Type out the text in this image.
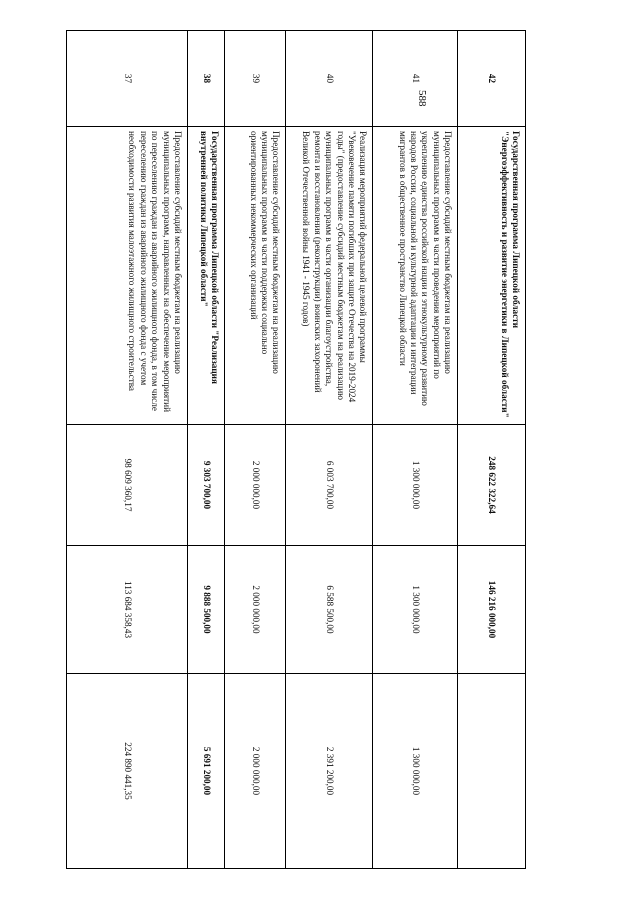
588
42	Государственная программа Липецкой области "Энергоэффективность и развитие энергетики в Липецкой области"	248 622 322,64	146 216 000,00	
41	Предоставление субсидий местным бюджетам на реализацию муниципальных программ в части проведения мероприятий по укреплению единства российской нации и этнокультурному развитию народов России, социальной и культурной адаптации и интеграции мигрантов в общественное пространство Липецкой области	1 300 000,00	1 300 000,00	1 300 000,00
40	Реализация мероприятий федеральной целевой программы "Увековечение памяти погибших при защите Отечества на 2019-2024 годы" (предоставление субсидий местным бюджетам на реализацию муниципальных программ в части организации благоустройства, ремонта и восстановления (реконструкции) воинских захоронений Великой Отечественной войны 1941 - 1945 годов)	6 003 700,00	6 588 500,00	2 391 200,00
39	Предоставление субсидий местным бюджетам на реализацию муниципальных программ в части поддержки социально ориентированных некоммерческих организаций	2 000 000,00	2 000 000,00	2 000 000,00
38	Государственная программа Липецкой области "Реализация внутренней политики Липецкой области"	9 303 700,00	9 888 500,00	5 691 200,00
37	Предоставление субсидий местным бюджетам на реализацию муниципальных программ, направленных на обеспечение мероприятий по переселению граждан из аварийного жилищного фонда, в том числе переселению граждан из аварийного жилищного фонда с учетом необходимости развития малоэтажного жилищного строительства	98 609 360,17	113 684 358,43	224 890 441,35
